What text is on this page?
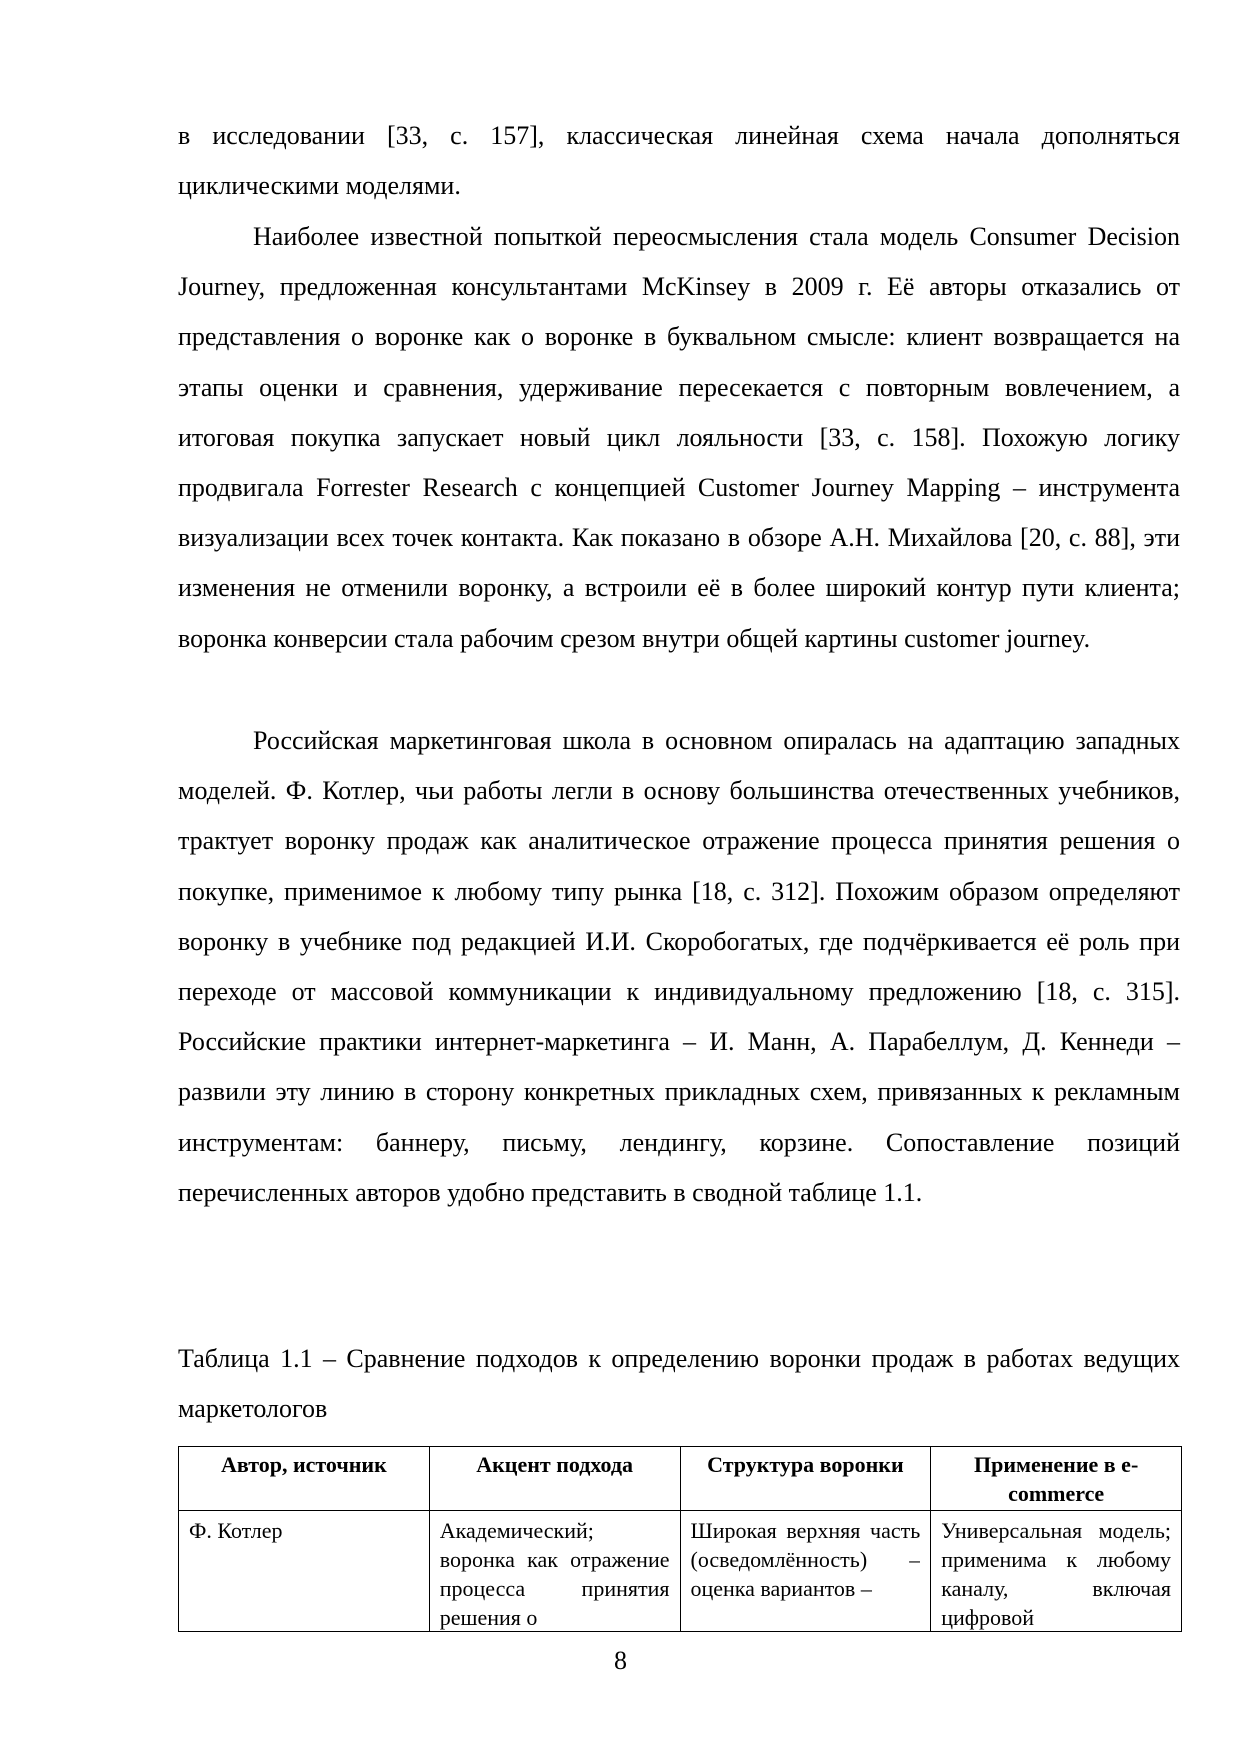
в исследовании [33, с. 157], классическая линейная схема начала дополняться циклическими моделями.

Наиболее известной попыткой переосмысления стала модель Consumer Decision Journey, предложенная консультантами McKinsey в 2009 г. Её авторы отказались от представления о воронке как о воронке в буквальном смысле: клиент возвращается на этапы оценки и сравнения, удерживание пересекается с повторным вовлечением, а итоговая покупка запускает новый цикл лояльности [33, с. 158]. Похожую логику продвигала Forrester Research с концепцией Customer Journey Mapping – инструмента визуализации всех точек контакта. Как показано в обзоре А.Н. Михайлова [20, с. 88], эти изменения не отменили воронку, а встроили её в более широкий контур пути клиента; воронка конверсии стала рабочим срезом внутри общей картины customer journey.

Российская маркетинговая школа в основном опиралась на адаптацию западных моделей. Ф. Котлер, чьи работы легли в основу большинства отечественных учебников, трактует воронку продаж как аналитическое отражение процесса принятия решения о покупке, применимое к любому типу рынка [18, с. 312]. Похожим образом определяют воронку в учебнике под редакцией И.И. Скоробогатых, где подчёркивается её роль при переходе от массовой коммуникации к индивидуальному предложению [18, с. 315]. Российские практики интернет-маркетинга – И. Манн, А. Парабеллум, Д. Кеннеди – развили эту линию в сторону конкретных прикладных схем, привязанных к рекламным инструментам: баннеру, письму, лендингу, корзине. Сопоставление позиций перечисленных авторов удобно представить в сводной таблице 1.1.

Таблица 1.1 – Сравнение подходов к определению воронки продаж в работах ведущих маркетологов

Автор, источник	Акцент подхода	Структура воронки	Применение в e-commerce

Ф. Котлер	Академический; воронка как отражение процесса принятия решения о	Широкая верхняя часть (осведомлённость) – оценка вариантов –	Универсальная модель; применима к любому каналу, включая цифровой
8
